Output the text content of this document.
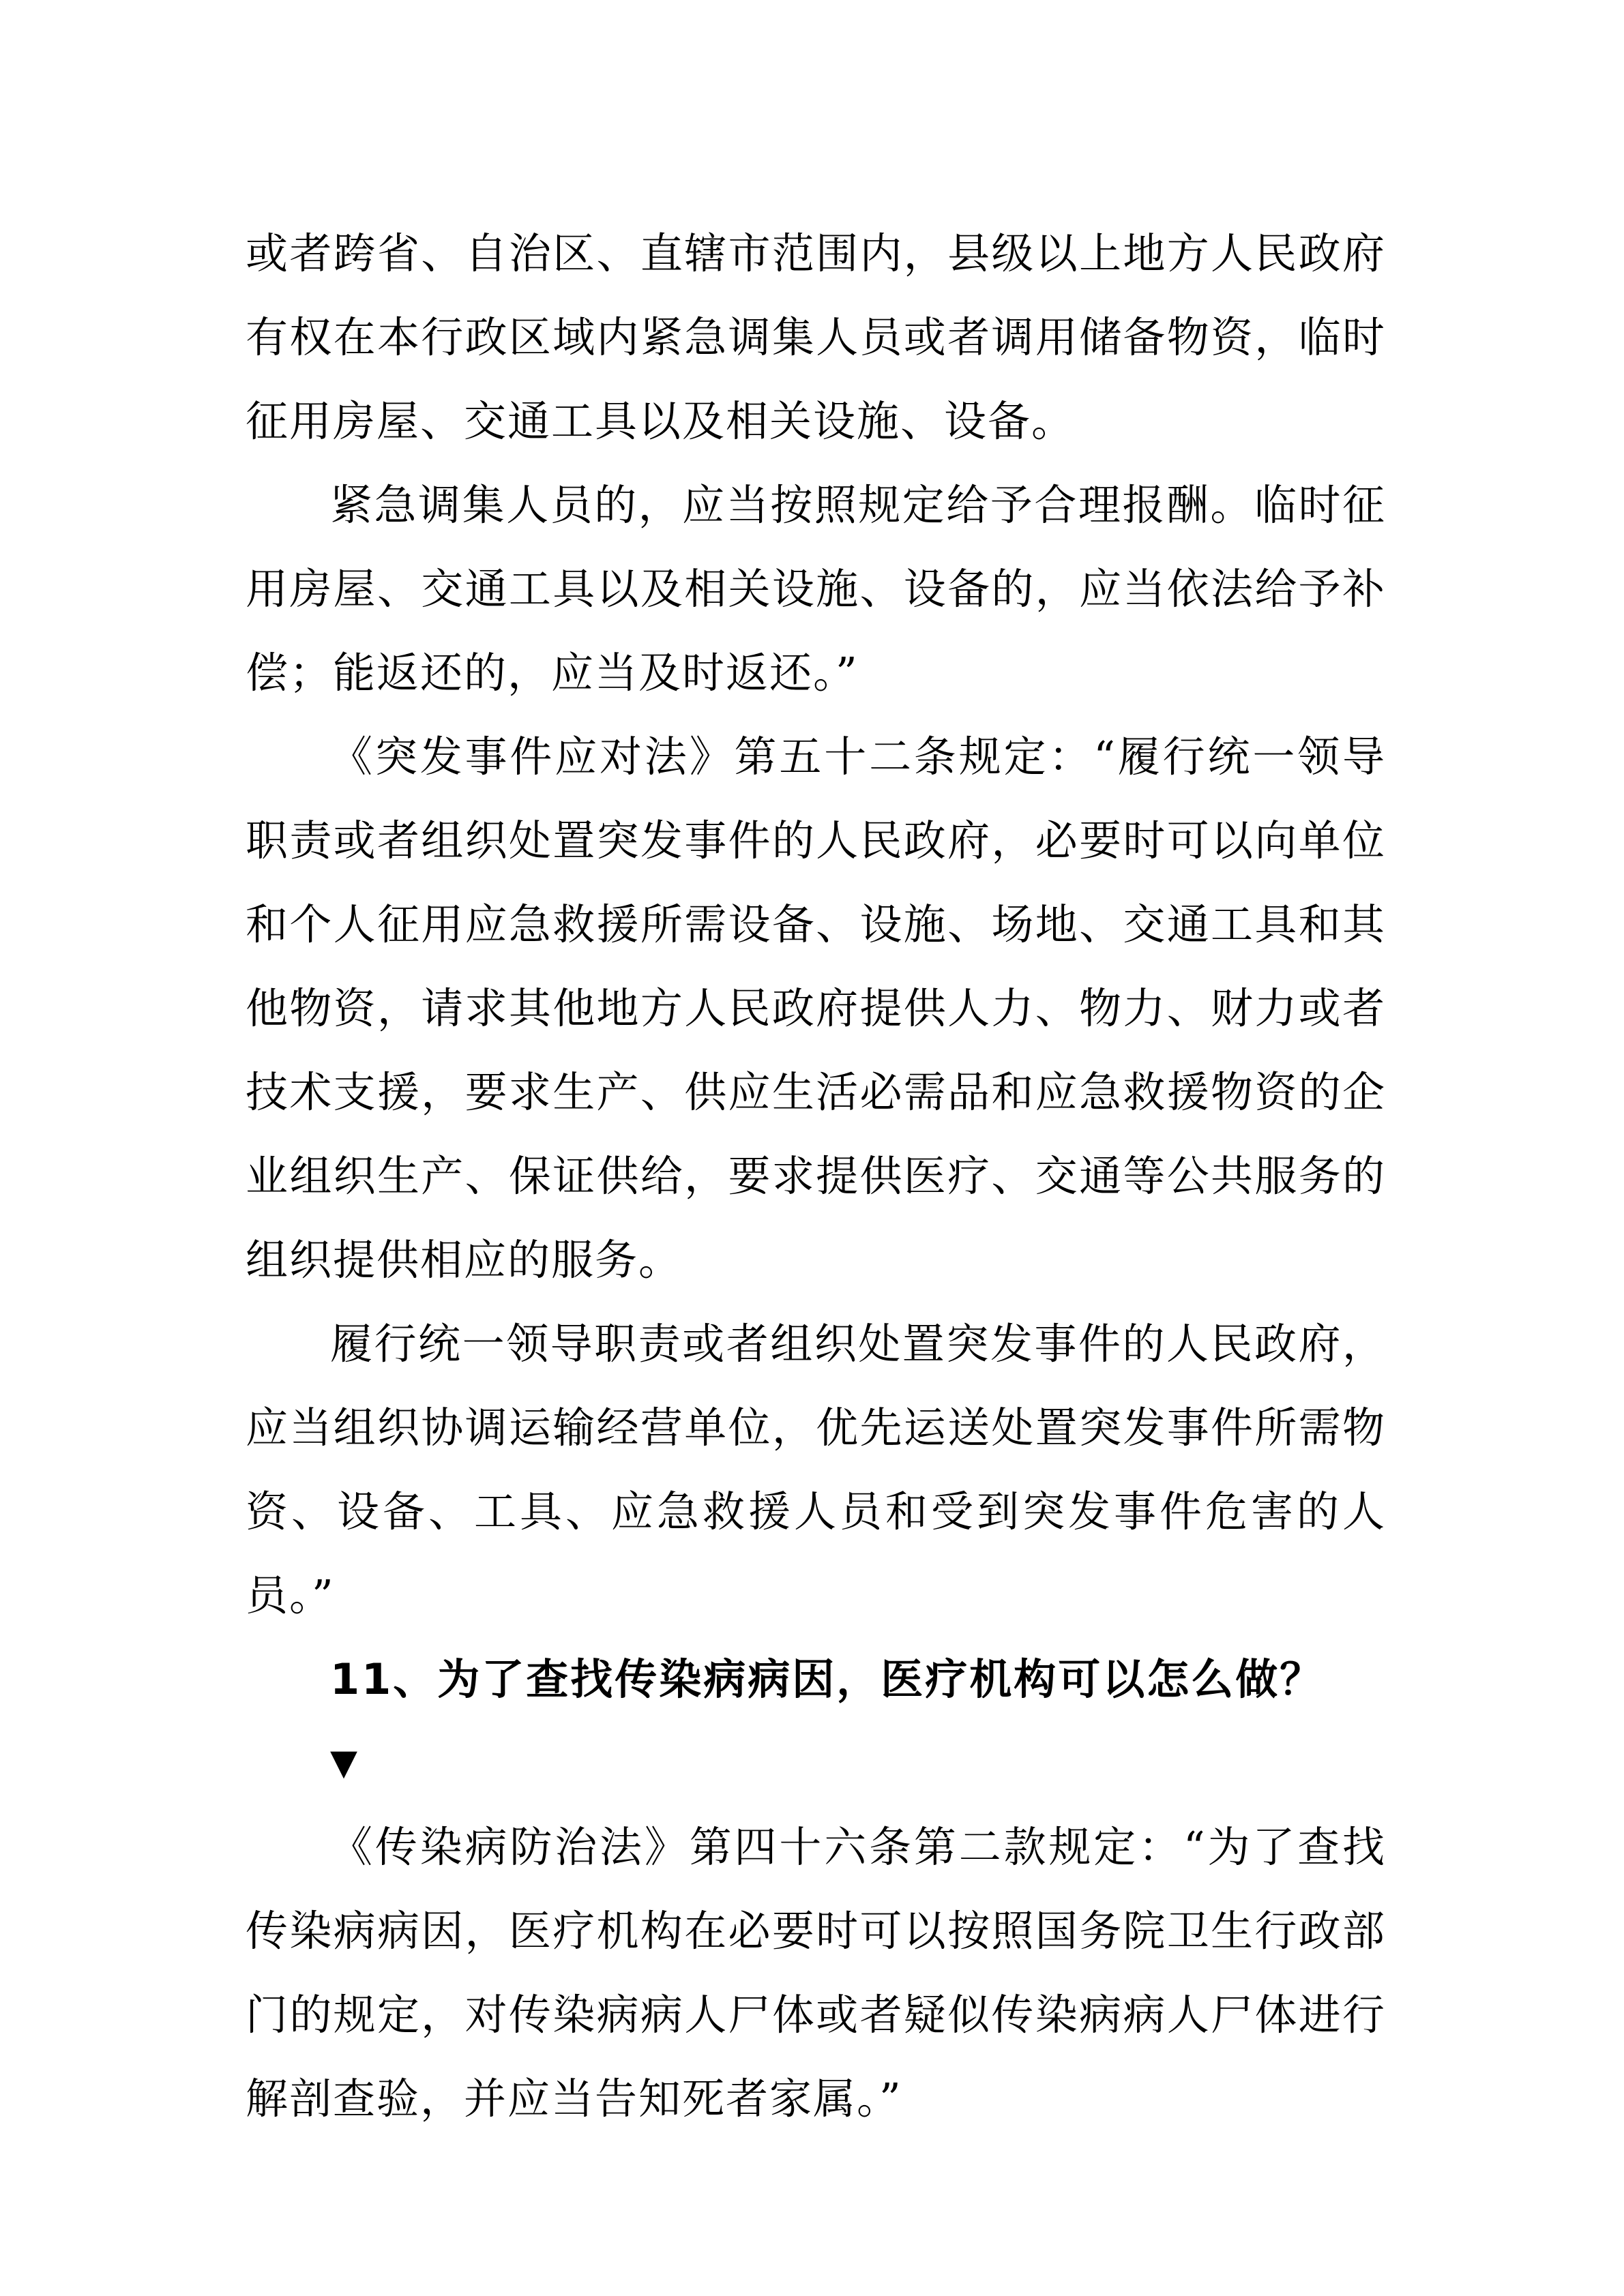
或者跨省、自治区、直辖市范围内，县级以上地方人民政府有权在本行政区域内紧急调集人员或者调用储备物资，临时征用房屋、交通工具以及相关设施、设备。

紧急调集人员的，应当按照规定给予合理报酬。临时征用房屋、交通工具以及相关设施、设备的，应当依法给予补偿；能返还的，应当及时返还。”

《突发事件应对法》第五十二条规定：“履行统一领导职责或者组织处置突发事件的人民政府，必要时可以向单位和个人征用应急救援所需设备、设施、场地、交通工具和其他物资，请求其他地方人民政府提供人力、物力、财力或者技术支援，要求生产、供应生活必需品和应急救援物资的企业组织生产、保证供给，要求提供医疗、交通等公共服务的组织提供相应的服务。

履行统一领导职责或者组织处置突发事件的人民政府，应当组织协调运输经营单位，优先运送处置突发事件所需物资、设备、工具、应急救援人员和受到突发事件危害的人员。”

11、为了查找传染病病因，医疗机构可以怎么做？

▼

《传染病防治法》第四十六条第二款规定：“为了查找传染病病因，医疗机构在必要时可以按照国务院卫生行政部门的规定，对传染病病人尸体或者疑似传染病病人尸体进行解剖查验，并应当告知死者家属。”
